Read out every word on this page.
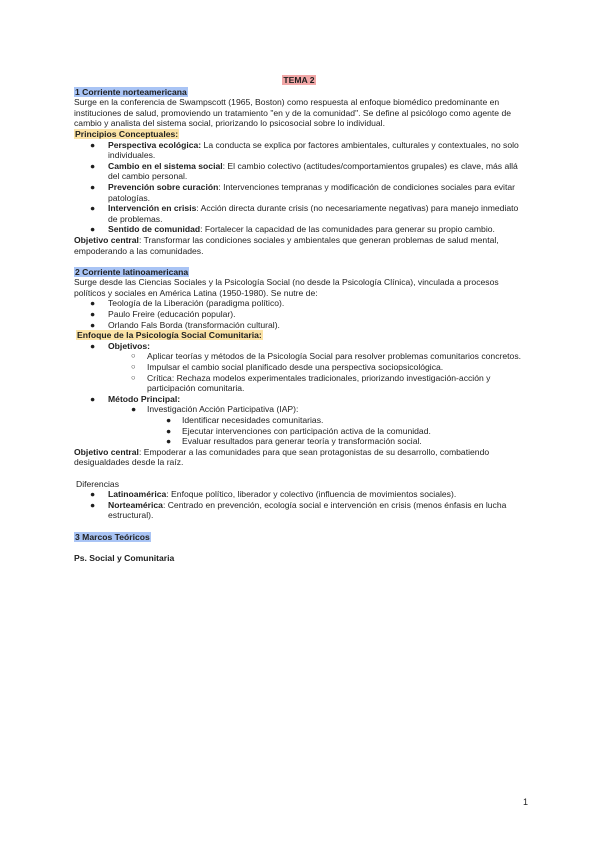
TEMA 2
1 Corriente norteamericana

Surge en la conferencia de Swampscott (1965, Boston) como respuesta al enfoque biomédico predominante en instituciones de salud, promoviendo un tratamiento "en y de la comunidad". Se define al psicólogo como agente de cambio y analista del sistema social, priorizando lo psicosocial sobre lo individual.

Principios Conceptuales:
● Perspectiva ecológica: La conducta se explica por factores ambientales, culturales y contextuales, no solo individuales.
● Cambio en el sistema social: El cambio colectivo (actitudes/comportamientos grupales) es clave, más allá del cambio personal.
● Prevención sobre curación: Intervenciones tempranas y modificación de condiciones sociales para evitar patologías.
● Intervención en crisis: Acción directa durante crisis (no necesariamente negativas) para manejo inmediato de problemas.
● Sentido de comunidad: Fortalecer la capacidad de las comunidades para generar su propio cambio.

Objetivo central: Transformar las condiciones sociales y ambientales que generan problemas de salud mental, empoderando a las comunidades.

2 Corriente latinoamericana

Surge desde las Ciencias Sociales y la Psicología Social (no desde la Psicología Clínica), vinculada a procesos políticos y sociales en América Latina (1950-1980). Se nutre de:

● Teología de la Liberación (paradigma político).
● Paulo Freire (educación popular).
● Orlando Fals Borda (transformación cultural).
Enfoque de la Psicología Social Comunitaria:
● Objetivos:
○ Aplicar teorías y métodos de la Psicología Social para resolver problemas comunitarios concretos.
○ Impulsar el cambio social planificado desde una perspectiva sociopsicológica.
○ Crítica: Rechaza modelos experimentales tradicionales, priorizando investigación-acción y participación comunitaria.
● Método Principal:
● Investigación Acción Participativa (IAP):
● Identificar necesidades comunitarias.
● Ejecutar intervenciones con participación activa de la comunidad.
● Evaluar resultados para generar teoría y transformación social.

Objetivo central: Empoderar a las comunidades para que sean protagonistas de su desarrollo, combatiendo desigualdades desde la raíz.

Diferencias
● Latinoamérica: Enfoque político, liberador y colectivo (influencia de movimientos sociales).
● Norteamérica: Centrado en prevención, ecología social e intervención en crisis (menos énfasis en lucha estructural).
3 Marcos Teóricos
Ps. Social y Comunitaria
1
